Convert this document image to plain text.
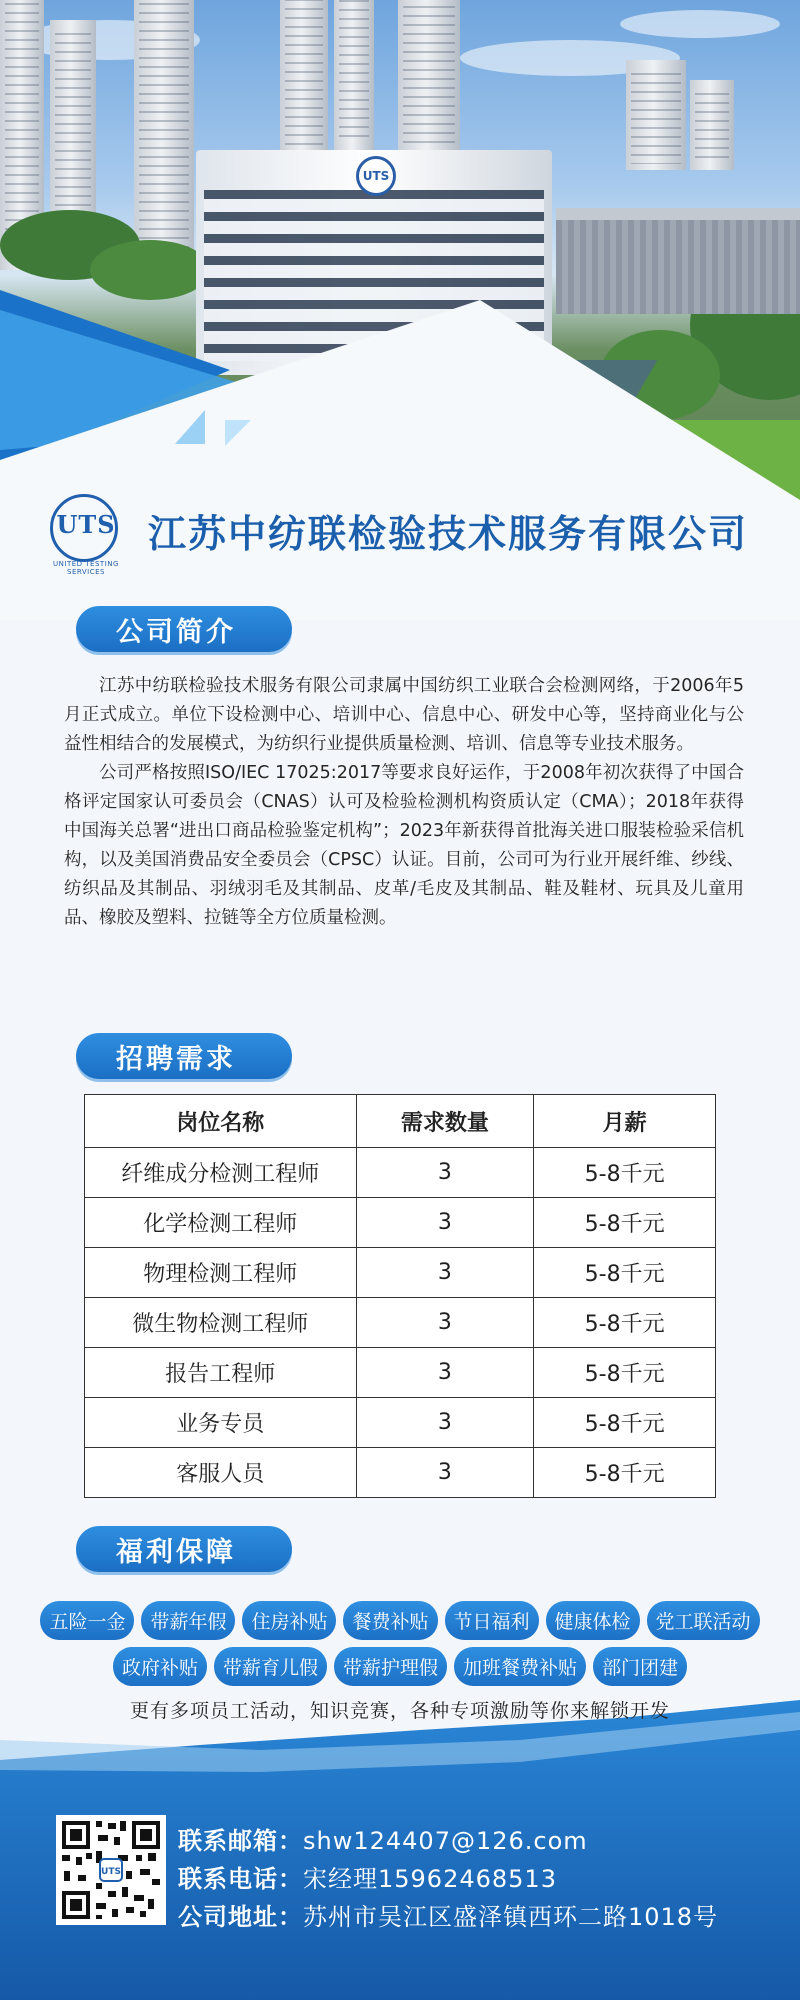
UTS
UTS
UNITED TESTING SERVICES
江苏中纺联检验技术服务有限公司
公司简介

江苏中纺联检验技术服务有限公司隶属中国纺织工业联合会检测网络，于2006年5月正式成立。单位下设检测中心、培训中心、信息中心、研发中心等，坚持商业化与公益性相结合的发展模式，为纺织行业提供质量检测、培训、信息等专业技术服务。

公司严格按照ISO/IEC 17025:2017等要求良好运作，于2008年初次获得了中国合格评定国家认可委员会（CNAS）认可及检验检测机构资质认定（CMA）；2018年获得中国海关总署“进出口商品检验鉴定机构”；2023年新获得首批海关进口服装检验采信机构，以及美国消费品安全委员会（CPSC）认证。目前，公司可为行业开展纤维、纱线、纺织品及其制品、羽绒羽毛及其制品、皮革/毛皮及其制品、鞋及鞋材、玩具及儿童用品、橡胶及塑料、拉链等全方位质量检测。

招聘需求
岗位名称	需求数量	月薪
纤维成分检测工程师	3	5-8千元
化学检测工程师	3	5-8千元
物理检测工程师	3	5-8千元
微生物检测工程师	3	5-8千元
报告工程师	3	5-8千元
业务专员	3	5-8千元
客服人员	3	5-8千元
福利保障
五险一金	带薪年假	住房补贴	餐费补贴	节日福利	健康体检	党工联活动
政府补贴	带薪育儿假	带薪护理假	加班餐费补贴	部门团建
更有多项员工活动，知识竞赛，各种专项激励等你来解锁开发
UTS
联系邮箱：shw124407@126.com
联系电话：宋经理15962468513
公司地址：苏州市吴江区盛泽镇西环二路1018号
